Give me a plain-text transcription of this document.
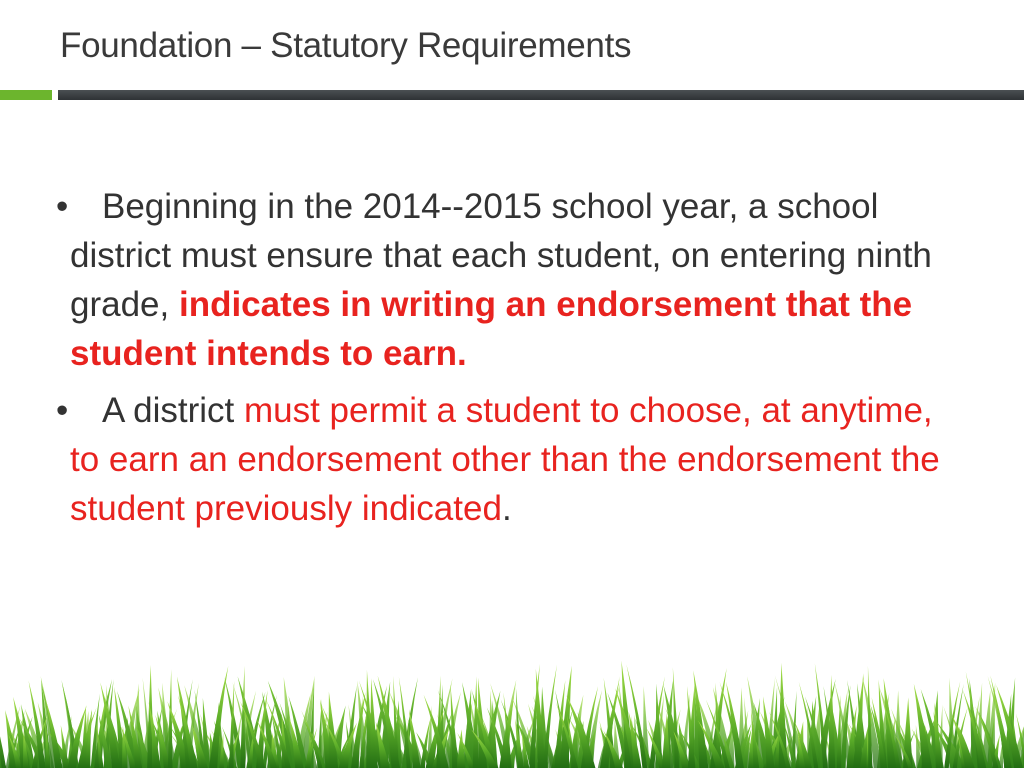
Foundation – Statutory Requirements

• Beginning in the 2014--2015 school year, a school district must ensure that each student, on entering ninth grade, indicates in writing an endorsement that the student intends to earn.

• A district must permit a student to choose, at anytime, to earn an endorsement other than the endorsement the student previously indicated.
